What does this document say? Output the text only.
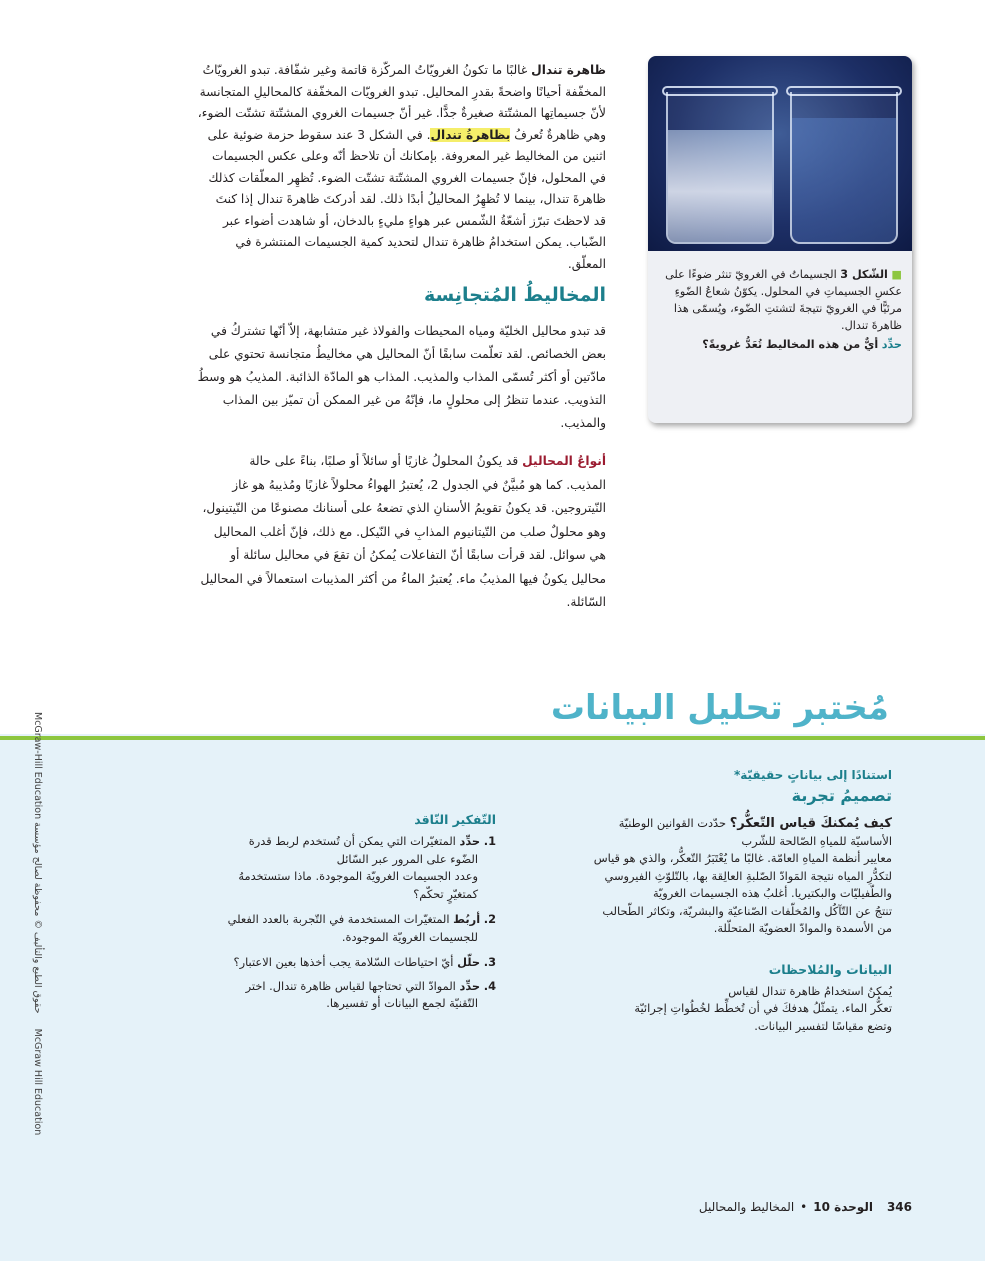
ظاهرة تندال غالبًا ما تكونُ الغرويّاتُ المركّزة قاتمة وغير شفّافة. تبدو الغرويّاتُ
المخفّفة أحيانًا واضحةً بقدرِ المحاليل. تبدو الغرويّات المخفّفة كالمحاليلِ المتجانسة
لأنّ جسيماتِها المشتّتة صغيرةٌ جدًّا. غير أنّ جسيمات الغروي المشتّتة تشتّت الضوء،
وهي ظاهرةٌ تُعرفُ بظاهرةُ تندال. في الشكل 3 عند سقوط حزمة ضوئية على
اثنين من المخاليط غير المعروفة. بإمكانك أن تلاحظ أنّه وعلى عكس الجسيمات
في المحلول، فإنّ جسيمات الغروي المشتّتة تشتّت الضوء. تُظهِر المعلّقات كذلك
ظاهرةَ تندال، بينما لا تُظهِرُ المحاليلُ أبدًا ذلك. لقد أدركتَ ظاهرةَ تندال إذا كنتَ
قد لاحظتَ تبرّز أشعّةُ الشّمس عبر هواءٍ مليءٍ بالدخان، أو شاهدت أضواء عبر
الضّباب. يمكن استخدامُ ظاهرة تندال لتحديد كمية الجسيمات المنتشرة في
المعلّق.
■ الشّكل 3 الجسيماتُ في الغرويّ تنثر ضوءًا على عكسِ الجسيماتِ في المحلول. يكوّنُ شعاعُ الضّوءِ مرئيًّا في الغرويّ نتيجةَ لتشتتِ الضّوء، ويُسمّى هذا ظاهرةَ تندال.
حدِّد أيٌّ من هذه المخاليط تُعَدُّ غرويةً؟
المخاليطُ المُتجانِسة
قد تبدو محاليل الخليّة ومياه المحيطات والفولاذ غير متشابهة، إلاّ أنّها تشتركُ في
بعض الخصائص. لقد تعلّمت سابقًا أنّ المحاليل هي مخاليطُ متجانسة تحتوي على
مادّتين أو أكثر تُسمّى المذاب والمذيب. المذاب هو المادّة الذائبة. المذيبُ هو وسطُ
التذويب. عندما تنظرُ إلى محلولٍ ما، فإنّهُ من غير الممكن أن تميّز بين المذاب
والمذيب.
أنواعُ المحاليل قد يكونُ المحلولُ غازيًا أو سائلاً أو صلبًا، بناءً على حالة
المذيب. كما هو مُبيَّنٌ في الجدول 2، يُعتبرُ الهواءُ محلولاً غازيًا ومُذيبهُ هو غاز
النّيتروجين. قد يكونُ تقويمُ الأسنانِ الذي تضعهُ على أسنانك مصنوعًا من النّيتينول،
وهو محلولٌ صلب من التّيتانيوم المذابِ في النّيكل. مع ذلك، فإنّ أغلب المحاليل
هي سوائل. لقد قرأت سابقًا أنّ التفاعلات يُمكنُ أن تقعَ في محاليل سائلة أو
محاليل يكونُ فيها المذيبُ ماء. يُعتبرُ الماءُ من أكثر المذيبات استعمالاً في المحاليل
السّائلة.
مُختبر تحليل البيانات
استنادًا إلى بياناتٍ حقيقيّة*
تصميمُ تجربة
كيف يُمكنكَ قياس التّعكُّر؟ حدّدت القوانين الوطنيّة
الأساسيّة للمياهِ الصّالحة للشّرب
معايير أنظمة المياهِ العامّة. غالبًا ما يُعْتَبَرُ التّعكُّر، والذي هو قياس
لتكدُّرِ المياه نتيجة المَوادّ الصّلبةِ العالِقة بها، بالتّلوّثِ الفيروسي
والطّفيليّات والبكتيريا. أغلبُ هذه الجسيمات الغرويّة
تنتجُ عن التّآكُل والمُخلّفات الصّناعيّة والبشريّة، وتكاثر الطّحالب
من الأسمدة والموادّ العضويّة المتحلّلة.
البيانات والمُلاحظات
يُمكنُ استخدامُ ظاهرة تندال لقياس
تعكُّر الماء. يتمثّلُ هدفكَ في أن تُخطِّط لخُطُواتِ إجرائيّة
وتضع مقياسًا لتفسير البيانات.
التّفكير النّاقد
1. حدِّد المتغيّرات التي يمكن أن تُستخدم لربط قدرة
الضّوء على المرور عبر السّائل
وعدد الجسيمات الغرويّة الموجودة. ماذا ستستخدمهُ
كمتغيّرٍ تحكّم؟
2. أربُط المتغيّرات المستخدمة في التّجربة بالعدد الفعلي
للجسيمات الغرويّة الموجودة.
3. حلّل أيّ احتياطات السّلامة يجب أخذها بعين الاعتبار؟
4. حدِّد الموادّ التي تحتاجها لقياس ظاهرة تندال. اختر
التّقنيّة لجمع البيانات أو تفسيرها.
McGraw-Hill Education حقوق الطبع والتأليف © محفوظة لصالح مؤسسة McGraw Hill Education
المخاليط والمحاليل • الوحدة 10 346
